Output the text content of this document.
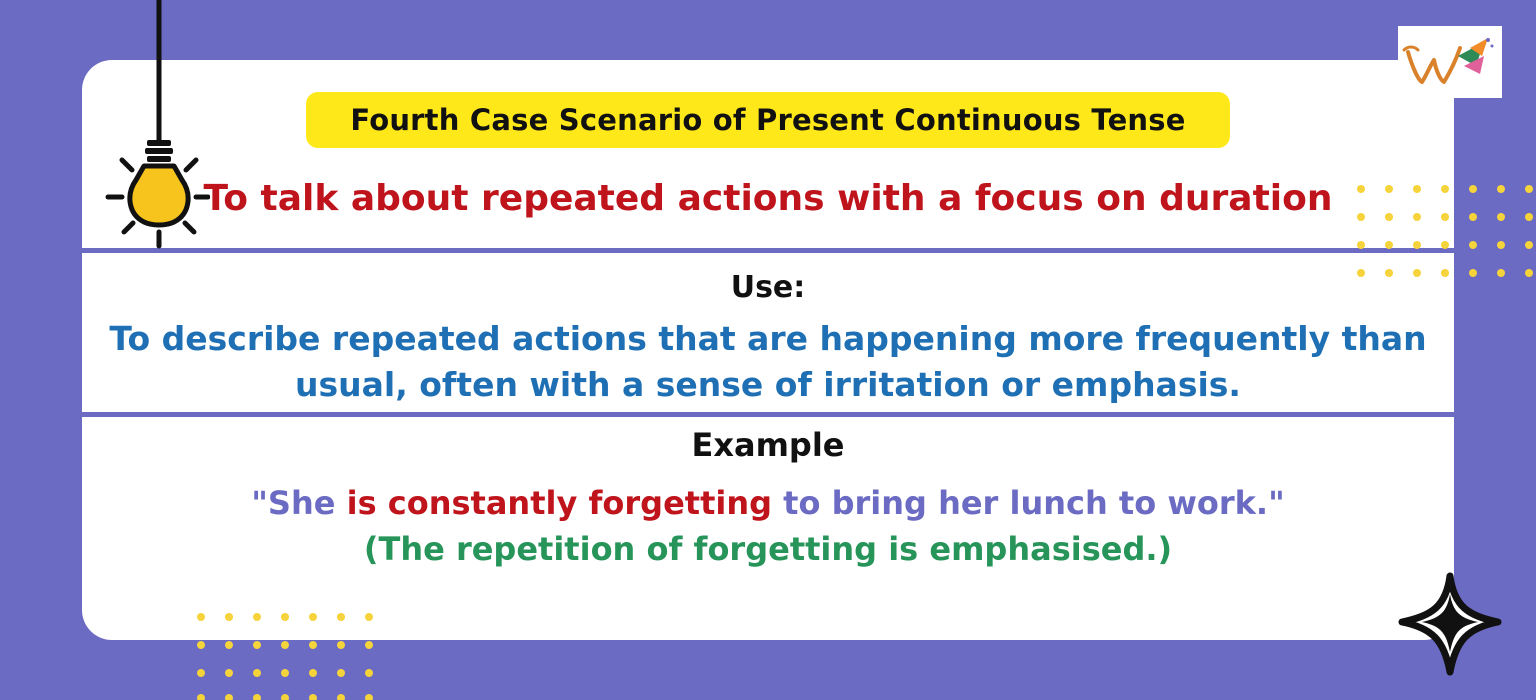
Fourth Case Scenario of Present Continuous Tense
To talk about repeated actions with a focus on duration
Use:
To describe repeated actions that are happening more frequently than usual, often with a sense of irritation or emphasis.
Example
"She is constantly forgetting to bring her lunch to work."
(The repetition of forgetting is emphasised.)
